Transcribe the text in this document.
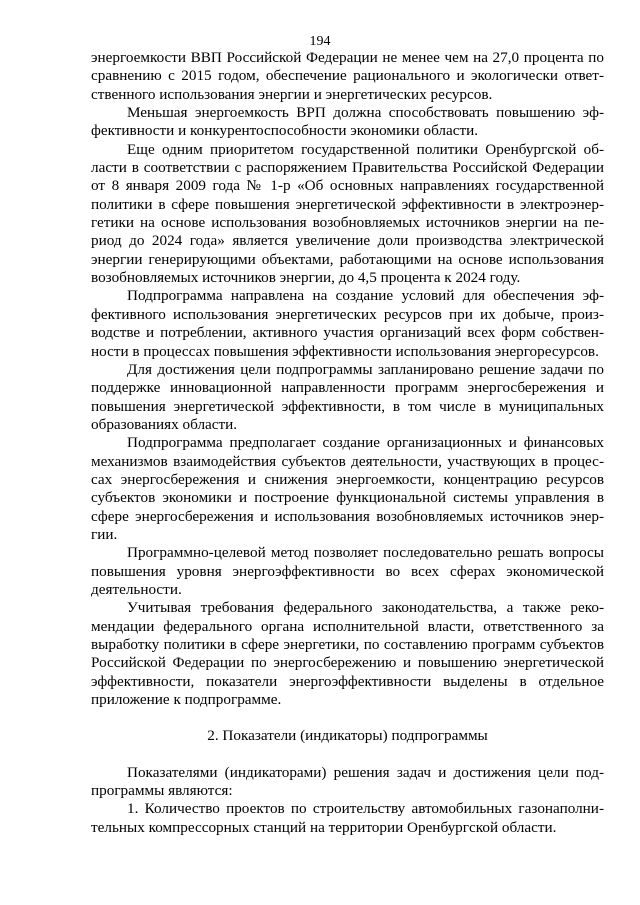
194

энергоемкости ВВП Российской Федерации не менее чем на 27,0 процента по сравнению с 2015 годом, обеспечение рационального и экологически ответственного использования энергии и энергетических ресурсов.

Меньшая энергоемкость ВРП должна способствовать повышению эффективности и конкурентоспособности экономики области.

Еще одним приоритетом государственной политики Оренбургской области в соответствии с распоряжением Правительства Российской Федерации от 8 января 2009 года № 1-р «Об основных направлениях государственной политики в сфере повышения энергетической эффективности в электроэнергетики на основе использования возобновляемых источников энергии на период до 2024 года» является увеличение доли производства электрической энергии генерирующими объектами, работающими на основе использования возобновляемых источников энергии, до 4,5 процента к 2024 году.

Подпрограмма направлена на создание условий для обеспечения эффективного использования энергетических ресурсов при их добыче, производстве и потреблении, активного участия организаций всех форм собственности в процессах повышения эффективности использования энергоресурсов.

Для достижения цели подпрограммы запланировано решение задачи по поддержке инновационной направленности программ энергосбережения и повышения энергетической эффективности, в том числе в муниципальных образованиях области.

Подпрограмма предполагает создание организационных и финансовых механизмов взаимодействия субъектов деятельности, участвующих в процессах энергосбережения и снижения энергоемкости, концентрацию ресурсов субъектов экономики и построение функциональной системы управления в сфере энергосбережения и использования возобновляемых источников энергии.

Программно-целевой метод позволяет последовательно решать вопросы повышения уровня энергоэффективности во всех сферах экономической деятельности.

Учитывая требования федерального законодательства, а также рекомендации федерального органа исполнительной власти, ответственного за выработку политики в сфере энергетики, по составлению программ субъектов Российской Федерации по энергосбережению и повышению энергетической эффективности, показатели энергоэффективности выделены в отдельное приложение к подпрограмме.

2. Показатели (индикаторы) подпрограммы

Показателями (индикаторами) решения задач и достижения цели подпрограммы являются:

1. Количество проектов по строительству автомобильных газонаполнительных компрессорных станций на территории Оренбургской области.
